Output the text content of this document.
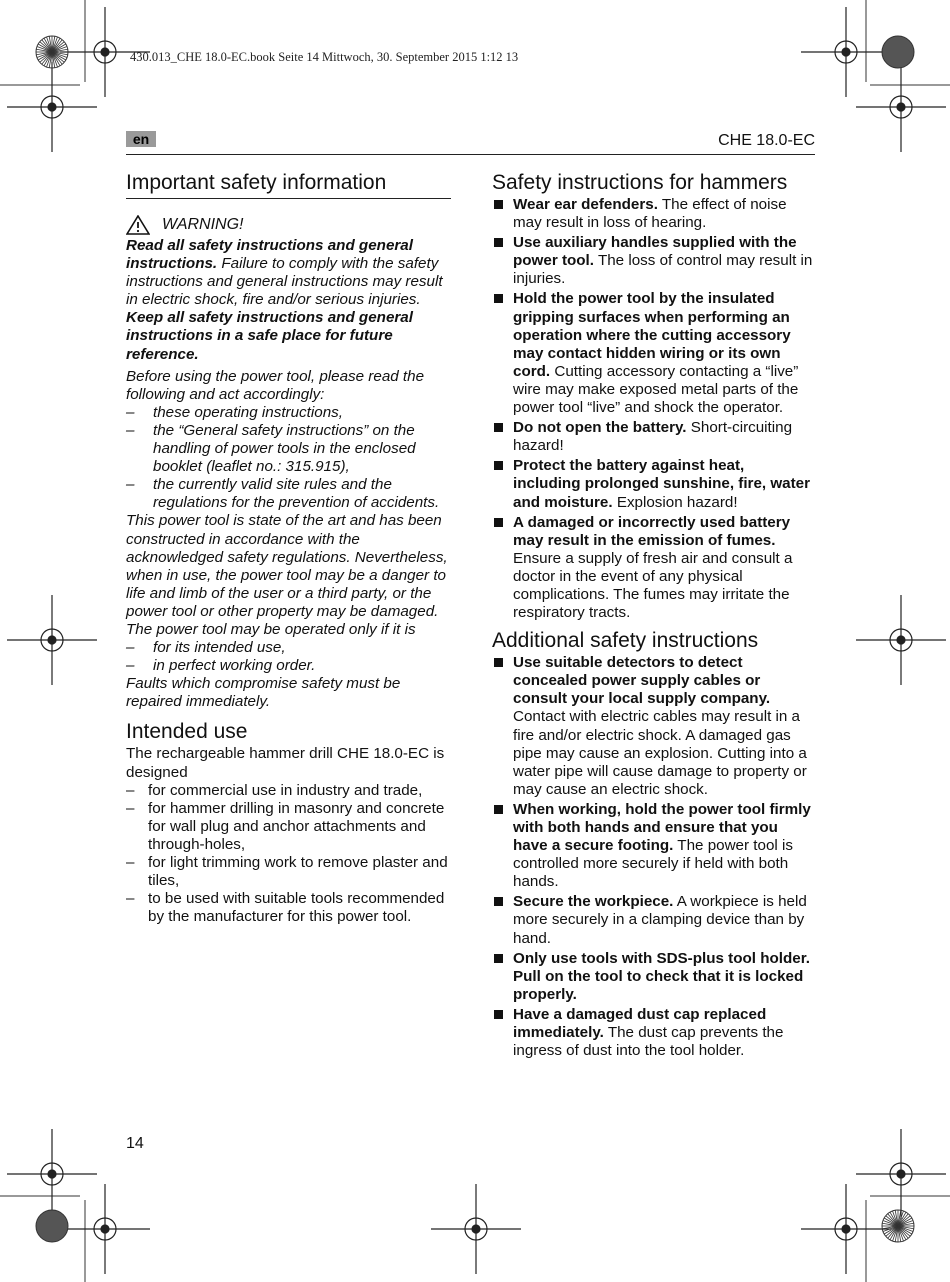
430.013_CHE 18.0-EC.book Seite 14 Mittwoch, 30. September 2015 1:12 13
en	CHE 18.0-EC
Important safety information
WARNING!

Read all safety instructions and general instructions. Failure to comply with the safety instructions and general instructions may result in electric shock, fire and/or serious injuries. Keep all safety instructions and general instructions in a safe place for future reference.

Before using the power tool, please read the following and act accordingly:

– these operating instructions,
– the “General safety instructions” on the handling of power tools in the enclosed booklet (leaflet no.: 315.915),
– the currently valid site rules and the regulations for the prevention of accidents.

This power tool is state of the art and has been constructed in accordance with the acknowledged safety regulations. Nevertheless, when in use, the power tool may be a danger to life and limb of the user or a third party, or the power tool or other property may be damaged. The power tool may be operated only if it is

– for its intended use,
– in perfect working order.

Faults which compromise safety must be repaired immediately.

Intended use

The rechargeable hammer drill CHE 18.0-EC is designed

– for commercial use in industry and trade,
– for hammer drilling in masonry and concrete for wall plug and anchor attachments and through-holes,
– for light trimming work to remove plaster and tiles,
– to be used with suitable tools recommended by the manufacturer for this power tool.
Safety instructions for hammers
Wear ear defenders. The effect of noise may result in loss of hearing.
Use auxiliary handles supplied with the power tool. The loss of control may result in injuries.
Hold the power tool by the insulated gripping surfaces when performing an operation where the cutting accessory may contact hidden wiring or its own cord. Cutting accessory contacting a “live” wire may make exposed metal parts of the power tool “live” and shock the operator.
Do not open the battery. Short-circuiting hazard!
Protect the battery against heat, including prolonged sunshine, fire, water and moisture. Explosion hazard!
A damaged or incorrectly used battery may result in the emission of fumes. Ensure a supply of fresh air and consult a doctor in the event of any physical complications. The fumes may irritate the respiratory tracts.
Additional safety instructions
Use suitable detectors to detect concealed power supply cables or consult your local supply company. Contact with electric cables may result in a fire and/or electric shock. A damaged gas pipe may cause an explosion. Cutting into a water pipe will cause damage to property or may cause an electric shock.
When working, hold the power tool firmly with both hands and ensure that you have a secure footing. The power tool is controlled more securely if held with both hands.
Secure the workpiece. A workpiece is held more securely in a clamping device than by hand.
Only use tools with SDS-plus tool holder. Pull on the tool to check that it is locked properly.
Have a damaged dust cap replaced immediately. The dust cap prevents the ingress of dust into the tool holder.
14
